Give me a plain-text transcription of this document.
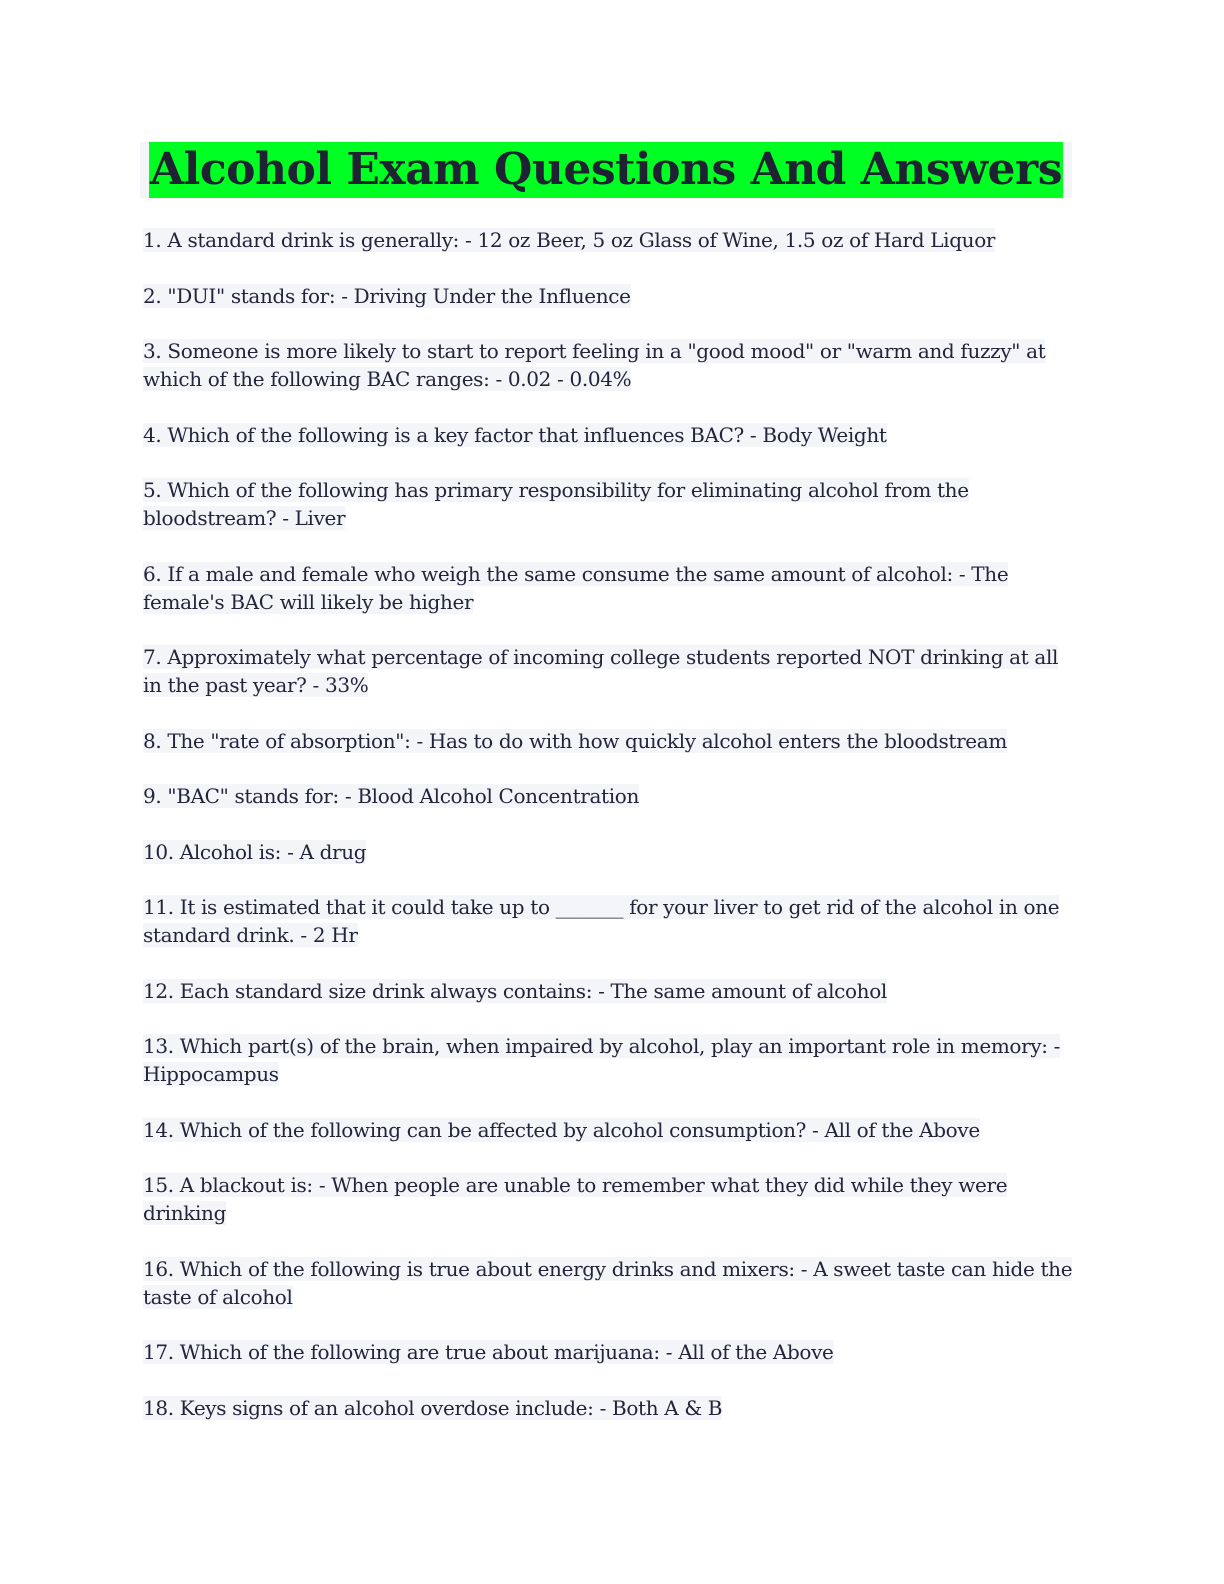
Alcohol Exam Questions And Answers
1. A standard drink is generally: - 12 oz Beer, 5 oz Glass of Wine, 1.5 oz of Hard Liquor
2. "DUI" stands for: - Driving Under the Influence
3. Someone is more likely to start to report feeling in a "good mood" or "warm and fuzzy" at which of the following BAC ranges: - 0.02 - 0.04%
4. Which of the following is a key factor that influences BAC? - Body Weight
5. Which of the following has primary responsibility for eliminating alcohol from the bloodstream? - Liver
6. If a male and female who weigh the same consume the same amount of alcohol: - The female's BAC will likely be higher
7. Approximately what percentage of incoming college students reported NOT drinking at all in the past year? - 33%
8. The "rate of absorption": - Has to do with how quickly alcohol enters the bloodstream
9. "BAC" stands for: - Blood Alcohol Concentration
10. Alcohol is: - A drug
11. It is estimated that it could take up to _______ for your liver to get rid of the alcohol in one standard drink. - 2 Hr
12. Each standard size drink always contains: - The same amount of alcohol
13. Which part(s) of the brain, when impaired by alcohol, play an important role in memory: - Hippocampus
14. Which of the following can be affected by alcohol consumption? - All of the Above
15. A blackout is: - When people are unable to remember what they did while they were drinking
16. Which of the following is true about energy drinks and mixers: - A sweet taste can hide the taste of alcohol
17. Which of the following are true about marijuana: - All of the Above
18. Keys signs of an alcohol overdose include: - Both A & B
